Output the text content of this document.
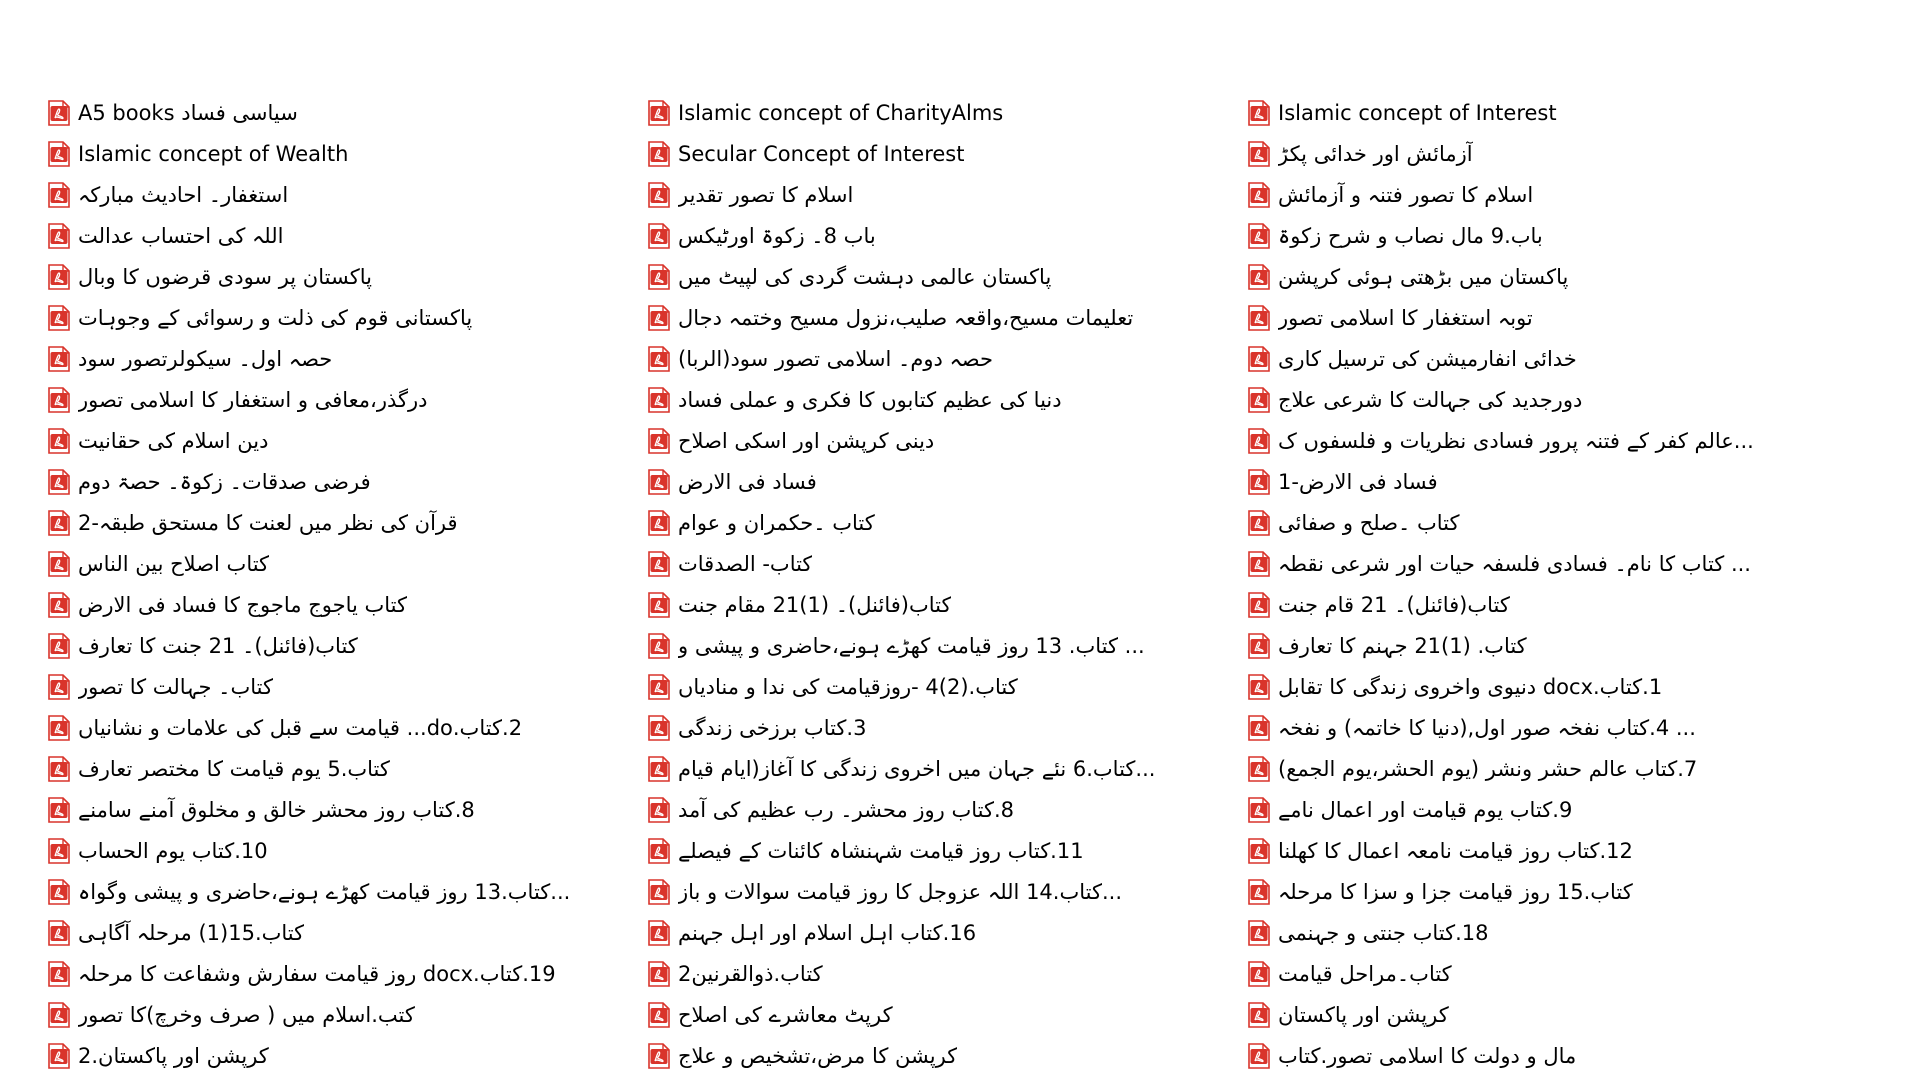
A5 books سیاسی فساد
Islamic concept of Wealth
استغفار۔ احادیث مبارکہ
اللہ کی احتساب عدالت
پاکستان پر سودی قرضوں کا وبال
پاکستانی قوم کی ذلت و رسوائی کے وجوہات
حصہ اول۔ سیکولرتصور سود
درگذر،معافی و استغفار کا اسلامی تصور
دین اسلام کی حقانیت
فرضی صدقات۔ زکوۃ۔ حصۃ دوم
قرآن کی نظر میں لعنت کا مستحق طبقہ-2
کتاب اصلاح بین الناس
کتاب یاجوج ماجوج کا فساد فی الارض
کتاب(فائنل)۔ 21 جنت کا تعارف
کتاب۔ جہالت کا تصور
2.کتاب.do... قیامت سے قبل کی علامات و نشانیاں
کتاب.5 یوم قیامت کا مختصر تعارف
8.کتاب روز محشر خالق و مخلوق آمنے سامنے
10.کتاب یوم الحساب
...کتاب.13 روز قیامت کھڑے ہونے،حاضری و پیشی وگواہ
کتاب.15(1) مرحلہ آگاہی
19.کتاب.docx روز قیامت سفارش وشفاعت کا مرحلہ
کتب.اسلام میں ( صرف وخرچ)کا تصور
کرپشن اور پاکستان.2
Islamic concept of CharityAlms
Secular Concept of Interest
اسلام کا تصور تقدیر
باب 8۔ زکوۃ اورٹیکس
پاکستان عالمی دہشت گردی کی لپیٹ میں
تعلیمات مسیح،واقعہ صلیب،نزول مسیح وختمہ دجال
حصہ دوم۔ اسلامی تصور سود(الربا)
دنیا کی عظیم کتابوں کا فکری و عملی فساد
دینی کرپشن اور اسکی اصلاح
فساد فی الارض
کتاب ۔حکمران و عوام
کتاب- الصدقات
کتاب(فائنل)۔ (1)21 مقام جنت
... کتاب. 13 روز قیامت کھڑے ہونے،حاضری و پیشی و
کتاب.(2)4 -روزقیامت کی ندا و منادیاں
3.کتاب برزخی زندگی
...کتاب.6 نئے جہان میں اخروی زندگی کا آغاز(ایام قیام
8.کتاب روز محشر۔ رب عظیم کی آمد
11.کتاب روز قیامت شہنشاہ کائنات کے فیصلے
...کتاب.14 اللہ عزوجل کا روز قیامت سوالات و باز
16.کتاب اہل اسلام اور اہل جہنم
کتاب.ذوالقرنین2
کرپٹ معاشرے کی اصلاح
کرپشن کا مرض،تشخیص و علاج
Islamic concept of Interest
آزمائش اور خدائی پکڑ
اسلام کا تصور فتنہ و آزمائش
باب.9 مال نصاب و شرح زکوۃ
پاکستان میں بڑھتی ہوئی کرپشن
توبہ استغفار کا اسلامی تصور
خدائی انفارمیشن کی ترسیل کاری
دورجدید کی جہالت کا شرعی علاج
...عالم کفر کے فتنہ پرور فسادی نظریات و فلسفوں ک
فساد فی الارض-1
کتاب ۔صلح و صفائی
... کتاب کا نام۔ فسادی فلسفہ حیات اور شرعی نقطہ
کتاب(فائنل)۔ 21 قام جنت
کتاب. (1)21 جہنم کا تعارف
1.کتاب.docx دنیوی واخروی زندگی کا تقابل
... 4.کتاب نفخہ صور اول,(دنیا کا خاتمہ) و نفخہ
7.کتاب عالم حشر ونشر (یوم الحشر،یوم الجمع)
9.کتاب یوم قیامت اور اعمال نامے
12.کتاب روز قیامت نامعہ اعمال کا کھلنا
کتاب.15 روز قیامت جزا و سزا کا مرحلہ
18.کتاب جنتی و جہنمی
کتاب۔مراحل قیامت
کرپشن اور پاکستان
مال و دولت کا اسلامی تصور.کتاب
